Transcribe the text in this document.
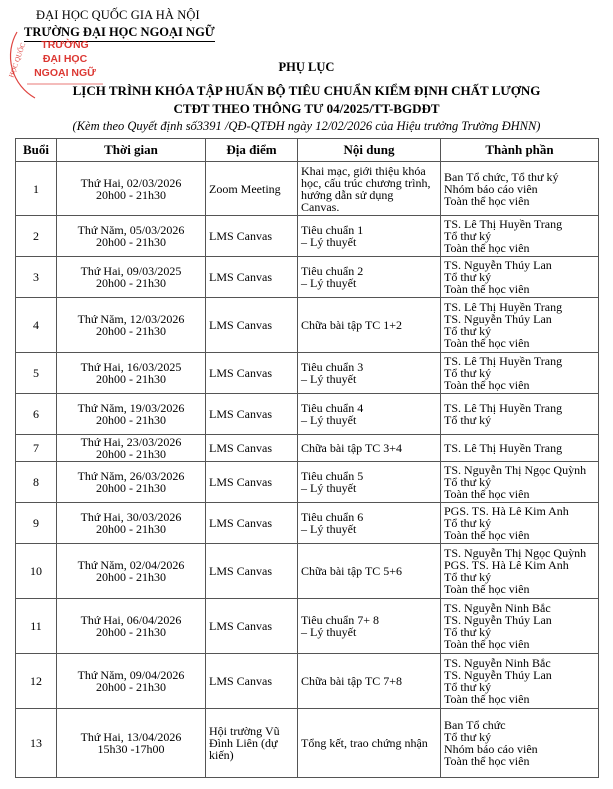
ĐẠI HỌC QUỐC GIA HÀ NỘI
TRƯỜNG ĐẠI HỌC NGOẠI NGỮ
HỌC QUỐC TRƯỜNG
ĐẠI HỌC
NGOẠI NGỮ	PHỤ LỤC
LỊCH TRÌNH KHÓA TẬP HUẤN BỘ TIÊU CHUẨN KIỂM ĐỊNH CHẤT LƯỢNG
CTĐT THEO THÔNG TƯ 04/2025/TT-BGDĐT
(Kèm theo Quyết định số3391 /QĐ-QTĐH ngày 12/02/2026 của Hiệu trưởng Trường ĐHNN)
Buổi	Thời gian	Địa điểm	Nội dung	Thành phần
1	Thứ Hai, 02/03/2026
20h00 - 21h30	Zoom Meeting	Khai mạc, giới thiệu khóa
học, cấu trúc chương trình,
hướng dẫn sử dụng
Canvas.	Ban Tổ chức, Tổ thư ký
Nhóm báo cáo viên
Toàn thể học viên

2	Thứ Năm, 05/03/2026
20h00 - 21h30	LMS Canvas	Tiêu chuẩn 1
– Lý thuyết	TS. Lê Thị Huyền Trang
Tổ thư ký
Toàn thể học viên

3	Thứ Hai, 09/03/2025
20h00 - 21h30	LMS Canvas	Tiêu chuẩn 2
– Lý thuyết	TS. Nguyễn Thúy Lan
Tổ thư ký
Toàn thể học viên

4	Thứ Năm, 12/03/2026
20h00 - 21h30	LMS Canvas	Chữa bài tập TC 1+2	TS. Lê Thị Huyền Trang
TS. Nguyễn Thúy Lan
Tổ thư ký
Toàn thể học viên

5	Thứ Hai, 16/03/2025
20h00 - 21h30	LMS Canvas	Tiêu chuẩn 3
– Lý thuyết	TS. Lê Thị Huyền Trang
Tổ thư ký
Toàn thể học viên

6	Thứ Năm, 19/03/2026
20h00 - 21h30	LMS Canvas	Tiêu chuẩn 4
– Lý thuyết	TS. Lê Thị Huyền Trang
Tổ thư ký

7	Thứ Hai, 23/03/2026
20h00 - 21h30	LMS Canvas	Chữa bài tập TC 3+4	TS. Lê Thị Huyền Trang

8	Thứ Năm, 26/03/2026
20h00 - 21h30	LMS Canvas	Tiêu chuẩn 5
– Lý thuyết	TS. Nguyễn Thị Ngọc Quỳnh
Tổ thư ký
Toàn thể học viên

9	Thứ Hai, 30/03/2026
20h00 - 21h30	LMS Canvas	Tiêu chuẩn 6
– Lý thuyết	PGS. TS. Hà Lê Kim Anh
Tổ thư ký
Toàn thể học viên

10	Thứ Năm, 02/04/2026
20h00 - 21h30	LMS Canvas	Chữa bài tập TC 5+6	TS. Nguyễn Thị Ngọc Quỳnh
PGS. TS. Hà Lê Kim Anh
Tổ thư ký
Toàn thể học viên

11	Thứ Hai, 06/04/2026
20h00 - 21h30	LMS Canvas	Tiêu chuẩn 7+ 8
– Lý thuyết	TS. Nguyễn Ninh Bắc
TS. Nguyễn Thúy Lan
Tổ thư ký
Toàn thể học viên

12	Thứ Năm, 09/04/2026
20h00 - 21h30	LMS Canvas	Chữa bài tập TC 7+8	TS. Nguyễn Ninh Bắc
TS. Nguyễn Thúy Lan
Tổ thư ký
Toàn thể học viên

13	Thứ Hai, 13/04/2026
15h30 -17h00	Hội trường Vũ
Đình Liên (dự
kiến)	Tổng kết, trao chứng nhận	Ban Tổ chức
Tổ thư ký
Nhóm báo cáo viên
Toàn thể học viên
